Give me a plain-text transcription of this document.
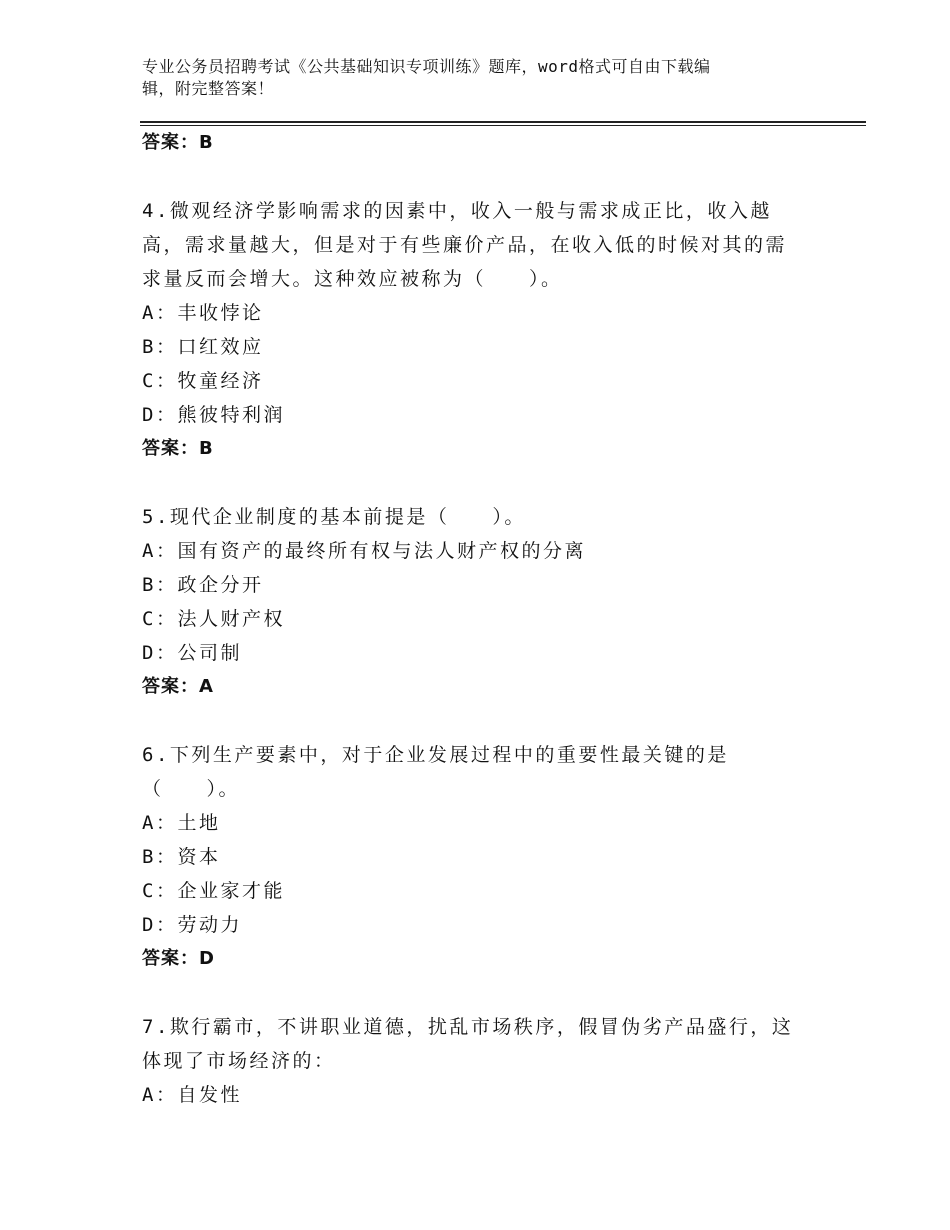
专业公务员招聘考试《公共基础知识专项训练》题库，word格式可自由下载编
辑，附完整答案！
答案：B
4.微观经济学影响需求的因素中，收入一般与需求成正比，收入越
高，需求量越大，但是对于有些廉价产品，在收入低的时候对其的需
求量反而会增大。这种效应被称为（　　）。
A：丰收悖论
B：口红效应
C：牧童经济
D：熊彼特利润
答案：B
5.现代企业制度的基本前提是（　　）。
A：国有资产的最终所有权与法人财产权的分离
B：政企分开
C：法人财产权
D：公司制
答案：A
6.下列生产要素中，对于企业发展过程中的重要性最关键的是
（　　）。
A：土地
B：资本
C：企业家才能
D：劳动力
答案：D
7.欺行霸市，不讲职业道德，扰乱市场秩序，假冒伪劣产品盛行，这
体现了市场经济的：
A：自发性
